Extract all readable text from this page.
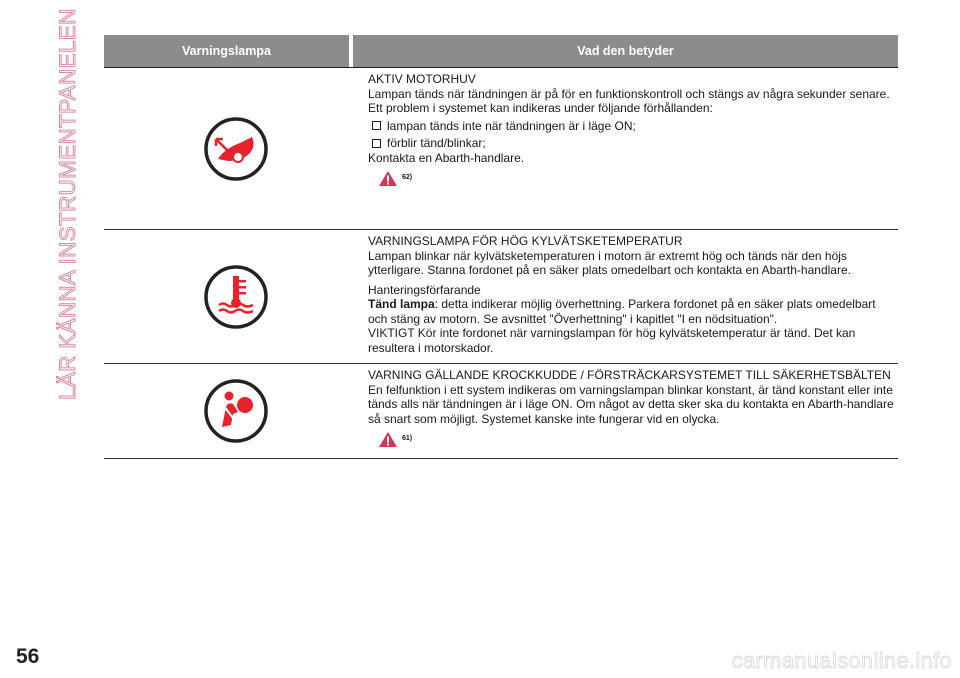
LÄR KÄNNA INSTRUMENTPANELEN	Varningslampa	Vad den betyder

AKTIV MOTORHUV

Lampan tänds när tändningen är på för en funktionskontroll och stängs av några sekunder senare.

Ett problem i systemet kan indikeras under följande förhållanden:

lampan tänds inte när tändningen är i läge ON;
förblir tänd/blinkar;

Kontakta en Abarth-handlare.

62)

VARNINGSLAMPA FÖR HÖG KYLVÄTSKETEMPERATUR

Lampan blinkar när kylvätsketemperaturen i motorn är extremt hög och tänds när den höjs ytterligare. Stanna fordonet på en säker plats omedelbart och kontakta en Abarth-handlare.

Hanteringsförfarande

Tänd lampa: detta indikerar möjlig överhettning. Parkera fordonet på en säker plats omedelbart och stäng av motorn. Se avsnittet "Överhettning" i kapitlet "I en nödsituation".

VIKTIGT Kör inte fordonet när varningslampan för hög kylvätsketemperatur är tänd. Det kan resultera i motorskador.

VARNING GÄLLANDE KROCKKUDDE / FÖRSTRÄCKARSYSTEMET TILL SÄKERHETSBÄLTEN

En felfunktion i ett system indikeras om varningslampan blinkar konstant, är tänd konstant eller inte tänds alls när tändningen är i läge ON. Om något av detta sker ska du kontakta en Abarth-handlare så snart som möjligt. Systemet kanske inte fungerar vid en olycka.

61)
56	carmanualsonline.info
